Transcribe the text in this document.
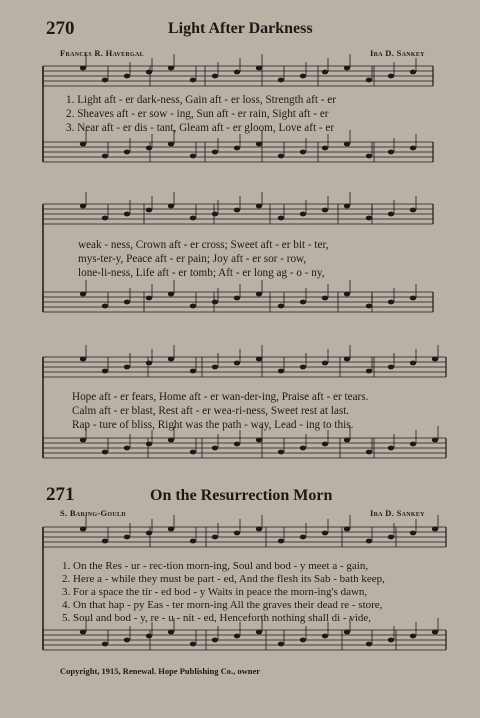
270	Light After Darkness
Frances R. Havergal	Ira D. Sankey
1. Light aft - er dark-ness, Gain aft - er loss, Strength aft - er
2. Sheaves aft - er sow - ing, Sun aft - er rain, Sight aft - er
3. Near aft - er dis - tant, Gleam aft - er gloom, Love aft - er
weak - ness, Crown aft - er cross; Sweet aft - er bit - ter,
mys-ter-y, Peace aft - er pain; Joy aft - er sor - row,
lone-li-ness, Life aft - er tomb; Aft - er long ag - o - ny,
Hope aft - er fears, Home aft - er wan-der-ing, Praise aft - er tears.
Calm aft - er blast, Rest aft - er wea-ri-ness, Sweet rest at last.
Rap - ture of bliss, Right was the path - way, Lead - ing to this.
271	On the Resurrection Morn
S. Baring-Gould	Ira D. Sankey
1. On the Res - ur - rec-tion morn-ing, Soul and bod - y meet a - gain,
2. Here a - while they must be part - ed, And the flesh its Sab - bath keep,
3. For a space the tir - ed bod - y Waits in peace the morn-ing's dawn,
4. On that hap - py Eas - ter morn-ing All the graves their dead re - store,
5. Soul and bod - y, re - u - nit - ed, Henceforth nothing shall di - vide,
Copyright, 1915, Renewal. Hope Publishing Co., owner
